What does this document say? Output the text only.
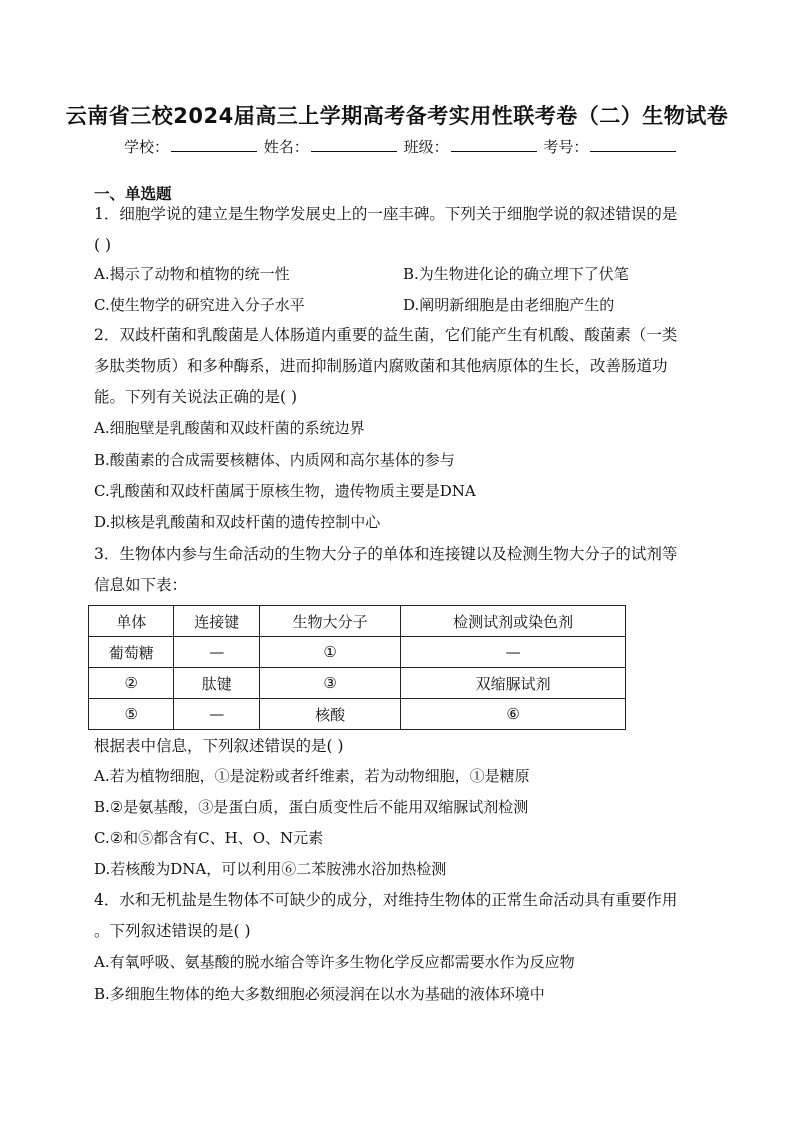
云南省三校2024届高三上学期高考备考实用性联考卷（二）生物试卷
学校：	姓名：	班级：	考号：
一、单选题
1．细胞学说的建立是生物学发展史上的一座丰碑。下列关于细胞学说的叙述错误的是
( )
A.揭示了动物和植物的统一性	B.为生物进化论的确立埋下了伏笔
C.使生物学的研究进入分子水平	D.阐明新细胞是由老细胞产生的
2．双歧杆菌和乳酸菌是人体肠道内重要的益生菌，它们能产生有机酸、酸菌素（一类
多肽类物质）和多种酶系，进而抑制肠道内腐败菌和其他病原体的生长，改善肠道功
能。下列有关说法正确的是( )
A.细胞壁是乳酸菌和双歧杆菌的系统边界
B.酸菌素的合成需要核糖体、内质网和高尔基体的参与
C.乳酸菌和双歧杆菌属于原核生物，遗传物质主要是DNA
D.拟核是乳酸菌和双歧杆菌的遗传控制中心
3．生物体内参与生命活动的生物大分子的单体和连接键以及检测生物大分子的试剂等
信息如下表：
单体	连接键	生物大分子	检测试剂或染色剂
葡萄糖	—	①	—
②	肽键	③	双缩脲试剂
⑤	—	核酸	⑥
根据表中信息，下列叙述错误的是( )
A.若为植物细胞，①是淀粉或者纤维素，若为动物细胞，①是糖原
B.②是氨基酸，③是蛋白质，蛋白质变性后不能用双缩脲试剂检测
C.②和⑤都含有C、H、O、N元素
D.若核酸为DNA，可以利用⑥二苯胺沸水浴加热检测
4．水和无机盐是生物体不可缺少的成分，对维持生物体的正常生命活动具有重要作用
。下列叙述错误的是( )
A.有氧呼吸、氨基酸的脱水缩合等许多生物化学反应都需要水作为反应物
B.多细胞生物体的绝大多数细胞必须浸润在以水为基础的液体环境中
